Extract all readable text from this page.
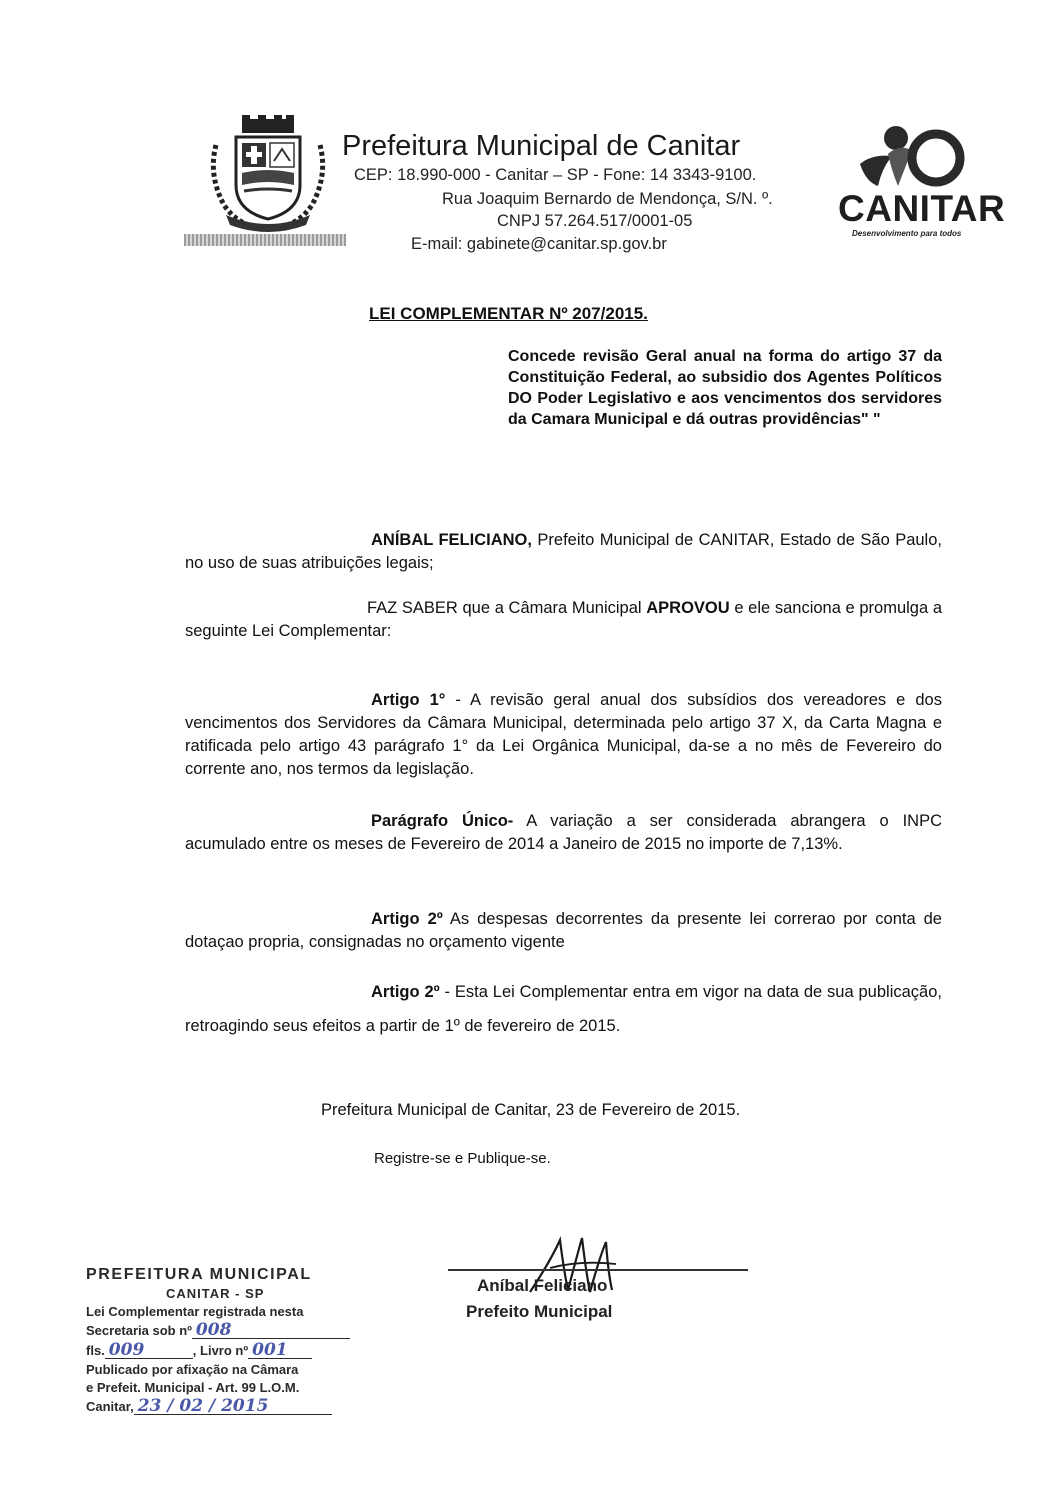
Prefeitura Municipal de Canitar
CEP: 18.990-000 - Canitar – SP - Fone: 14 3343-9100.
Rua Joaquim Bernardo de Mendonça, S/N. º.
CNPJ 57.264.517/0001-05
E-mail: gabinete@canitar.sp.gov.br
CANITAR
Desenvolvimento para todos
LEI COMPLEMENTAR Nº 207/2015.
Concede revisão Geral anual na forma do artigo 37 da Constituição Federal, ao subsidio dos Agentes Políticos DO Poder Legislativo e aos vencimentos dos servidores da Camara Municipal e dá outras providências" "
ANÍBAL FELICIANO, Prefeito Municipal de CANITAR, Estado de São Paulo, no uso de suas atribuições legais;
FAZ SABER que a Câmara Municipal APROVOU e ele sanciona e promulga a seguinte Lei Complementar:
Artigo 1° - A revisão geral anual dos subsídios dos vereadores e dos vencimentos dos Servidores da Câmara Municipal, determinada pelo artigo 37 X, da Carta Magna e ratificada pelo artigo 43 parágrafo 1° da Lei Orgânica Municipal, da-se a no mês de Fevereiro do corrente ano, nos termos da legislação.
Parágrafo Único- A variação a ser considerada abrangera o INPC acumulado entre os meses de Fevereiro de 2014 a Janeiro de 2015 no importe de 7,13%.
Artigo 2º As despesas decorrentes da presente lei correrao por conta de dotaçao propria, consignadas no orçamento vigente
Artigo 2º - Esta Lei Complementar entra em vigor na data de sua publicação, retroagindo seus efeitos a partir de 1º de fevereiro de 2015.
Prefeitura Municipal de Canitar, 23 de Fevereiro de 2015.
Registre-se e Publique-se.
Aníbal Feliciano
Prefeito Municipal
PREFEITURA MUNICIPAL
CANITAR - SP
Lei Complementar registrada nesta
Secretaria sob nº 008
fls. 009	, Livro nº 001
Publicado por afixação na Câmara
e Prefeit. Municipal - Art. 99 L.O.M.
Canitar, 23 / 02 / 2015
